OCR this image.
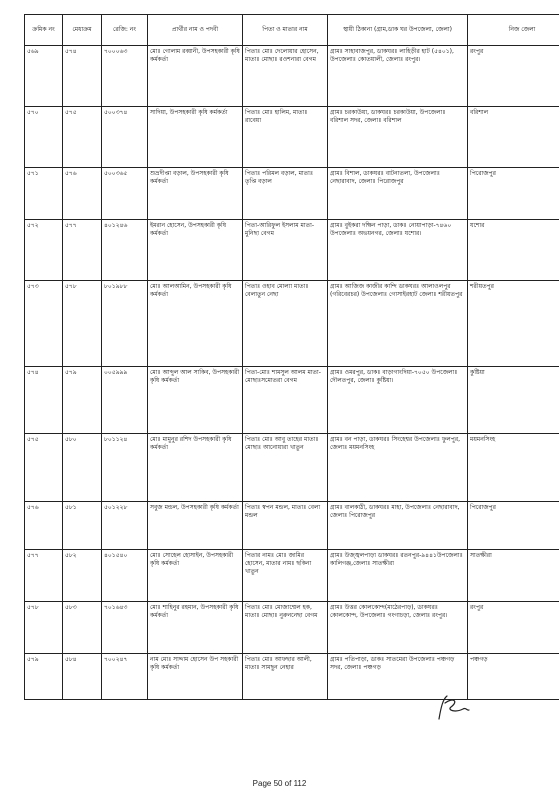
ক্রমিক নং	মেধাক্রম	রেজি: নং	প্রার্থীর নাম ও পদবী	পিতা ও মাতার নাম	স্থায়ী ঠিকানা (গ্রাম,ডাক ঘর উপজেলা, জেলা)	নিজ জেলা
৫৬৯	৫৭৪	৭০০০৬৩	মোঃ গোলাম রব্বানী, উপসহকারী কৃষি কর্মকর্তা	পিতাঃ মোঃ দেলোয়ার হোসেন, মাতাঃ মোছাঃ রওশনারা বেগম	গ্রামঃ সাহাবাজপুর, ডাকঘরঃ লাহিড়ীর হাট (৫৪০১), উপজেলাঃ কোতয়ালী, জেলাঃ রংপুর।	রংপুর
৫৭০	৫৭৫	৫০০৩৭৪	সাদিয়া, উপসহকারী কৃষি কর্মকর্তা	পিতাঃ মোঃ হালিম, মাতাঃ রাবেয়া	গ্রামঃ চরকাউয়া, ডাকঘরঃ চরকাউয়া, উপজেলাঃ বরিশাল সদর, জেলাঃ বরিশাল	বরিশাল
৫৭১	৫৭৬	৫০০৩৬৫	শুভ্রদীপ্তা বড়াল, উপসহকারী কৃষি কর্মকর্তা	পিতাঃ পরিমল বড়াল, মাতাঃ তৃপ্তি বড়াল	গ্রামঃ বিশাল, ডাকঘরঃ বাটনাতলা, উপজেলাঃ নেছারাবাদ, জেলাঃ পিরোজপুর	পিরোজপুর
৫৭২	৫৭৭	৪০১২৪৬	ইমরান হোসেন, উপসহকারী কৃষি কর্মকর্তা	পিতা-আরিফুল ইসলাম মাতা-মুনিছা বেগম	গ্রামঃ বুইকরা দক্ষিন পাড়া, ডাকঃ নোয়াপাড়া-৭৪৬০ উপজেলাঃ অভয়নগর, জেলাঃ যশোর।	যশোর
৫৭৩	৫৭৮	৮০১৯৮৮	মোঃ আলআমিন, উপসহকারী কৃষি কর্মকর্তা	পিতাঃ ওহাব মোল্যা মাতাঃ বেলাতুন নেছা	গ্রামঃ আজিজ কাজীর কান্দি ডাকঘরঃ আলাওলপুর (গরিবেরচর) উপজেলাঃ গোসাইরহাট জেলাঃ শরীয়তপুর	শরীয়তপুর
৫৭৪	৫৭৯	০০৫৯৯৯	মোঃ আব্দুল আল সাকিব, উপসহকারী কৃষি কর্মকর্তা	পিতা-মোঃ শামসুল আলম মাতা- মোছাঃসমোতরা বেগম	গ্রামঃ ওমরপুর, ডাকঃ বাড়াগাংদিয়া-৭০৫০ উপজেলাঃ দৌলতপুর, জেলাঃ কুষ্টিয়া।	কুষ্টিয়া
৫৭৫	৫৮০	৮০১১২৪	মোঃ মামুনুর রশিদ উপসহকারী কৃষি কর্মকর্তা	পিতাঃ মোঃ আবু তাহের মাতাঃ মোছাঃ আনোয়ারা খাতুন	গ্রামঃ বন পাড়া, ডাকঘরঃ সিংহেশ্বর উপজেলাঃ ফুলপুর, জেলাঃ ময়মনসিংহ	ময়মনসিংহ
৫৭৬	৫৮১	৫০১২২৮	সবুজ মন্ডল, উপসহকারী কৃষি কর্মকর্তা	পিতাঃ স্বপন মন্ডল, মাতাঃ বেলা মন্ডল	গ্রামঃ বালকাঠী, ডাকঘরঃ মাহা, উপজেলাঃ নেছারাবাদ, জেলাঃ পিরোজপুর	পিরোজপুর
৫৭৭	৫৮২	৪০১৫৪০	মোঃ সোহেল হোসাইন, উপসহকারী কৃষি কর্মকর্তা	পিতার নামঃ মোঃ জামির হোসেন, মাতার নামঃ ছকিনা খাতুন	গ্রামঃ উজ্জ্বলপাড়া ডাকঘরঃ রতনপুর-৯৪৪১উপজেলাঃ কালিগঞ্জ,জেলাঃ সাতক্ষীরা	সাতক্ষীরা
৫৭৮	৫৮৩	৭০১৬৪৩	মোঃ শাহিনুর রহমান, উপসহকারী কৃষি কর্মকর্তা	পিতাঃ মোঃ মোজাম্মেল হক, মাতাঃ মোছাঃ নুরুননেছা বেগম	গ্রামঃ উত্তর কোলকোন্দ(মাঠেরপাড়), ডাকঘরঃ কোলকোন্দ, উপজেলাঃ গংগাচড়া, জেলাঃ রংপুর।	রংপুর
৫৭৯	৫৮৪	৭০০২৪৭	নাম মোঃ সাদ্দাম হোসেন উপ সহকারী কৃষি কর্মকর্তা	পিতাঃ মোঃ আফছার আলী, মাতাঃ সামছুন নেহার	গ্রামঃ পতিপাড়া, ডাকঃ সাতমেরা উপজেলাঃ পঞ্চগড় সদর, জেলাঃ পঞ্চগড়	পঞ্চগড়
Page 50 of 112
